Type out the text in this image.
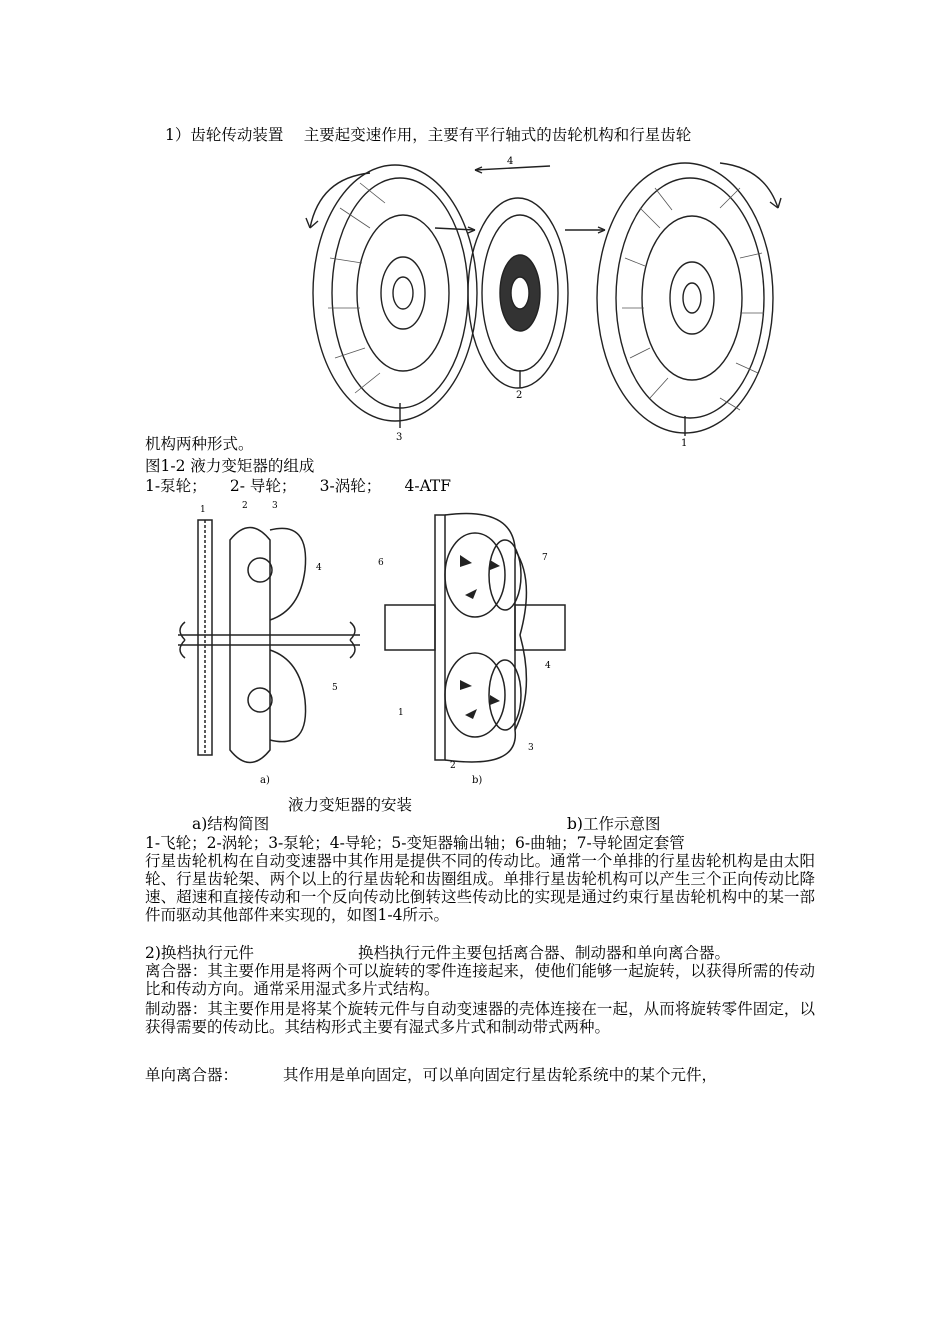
1）齿轮传动装置　 主要起变速作用，主要有平行轴式的齿轮机构和行星齿轮
4
2
3
1
机构两种形式。
图1-2 液力变矩器的组成
1-泵轮；　　2- 导轮；　　3-涡轮；　　4-ATF
1	2	3
4
5
a)
6	7
4
1
2
3
b)
液力变矩器的安装
a)结构简图	b)工作示意图
1-飞轮；2-涡轮；3-泵轮；4-导轮；5-变矩器输出轴；6-曲轴；7-导轮固定套管
行星齿轮机构在自动变速器中其作用是提供不同的传动比。通常一个单排的行星齿轮机构是由太阳轮、行星齿轮架、两个以上的行星齿轮和齿圈组成。单排行星齿轮机构可以产生三个正向传动比降速、超速和直接传动和一个反向传动比倒转这些传动比的实现是通过约束行星齿轮机构中的某一部件而驱动其他部件来实现的，如图1-4所示。
2)换档执行元件	换档执行元件主要包括离合器、制动器和单向离合器。
离合器：其主要作用是将两个可以旋转的零件连接起来，使他们能够一起旋转，以获得所需的传动比和传动方向。通常采用湿式多片式结构。
制动器：其主要作用是将某个旋转元件与自动变速器的壳体连接在一起，从而将旋转零件固定，以获得需要的传动比。其结构形式主要有湿式多片式和制动带式两种。
单向离合器：	其作用是单向固定，可以单向固定行星齿轮系统中的某个元件，
